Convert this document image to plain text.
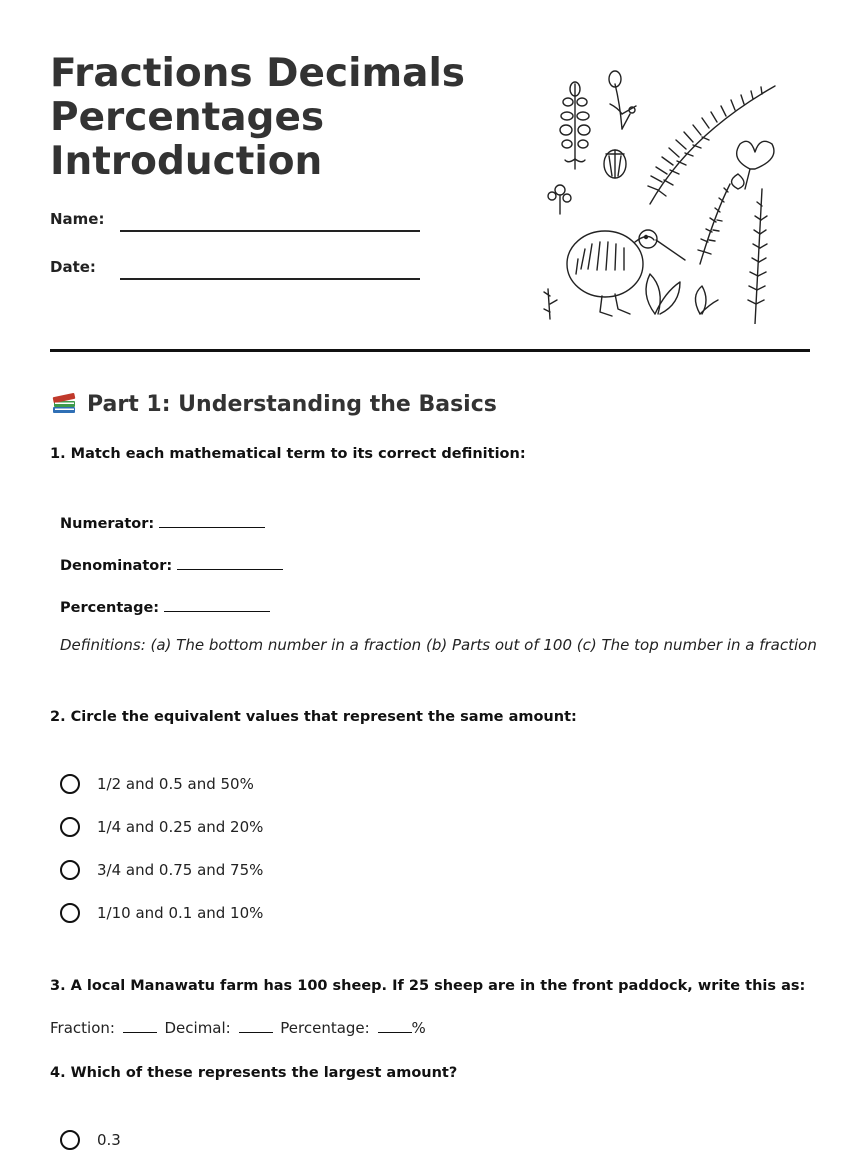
Fractions Decimals
Percentages
Introduction
Name:
Date:
Part 1: Understanding the Basics
1. Match each mathematical term to its correct definition:
Numerator:
Denominator:
Percentage:
Definitions: (a) The bottom number in a fraction (b) Parts out of 100 (c) The top number in a fraction
2. Circle the equivalent values that represent the same amount:
1/2 and 0.5 and 50%
1/4 and 0.25 and 20%
3/4 and 0.75 and 75%
1/10 and 0.1 and 10%
3. A local Manawatu farm has 100 sheep. If 25 sheep are in the front paddock, write this as:
Fraction:	Decimal:	Percentage:	%
4. Which of these represents the largest amount?
0.3
